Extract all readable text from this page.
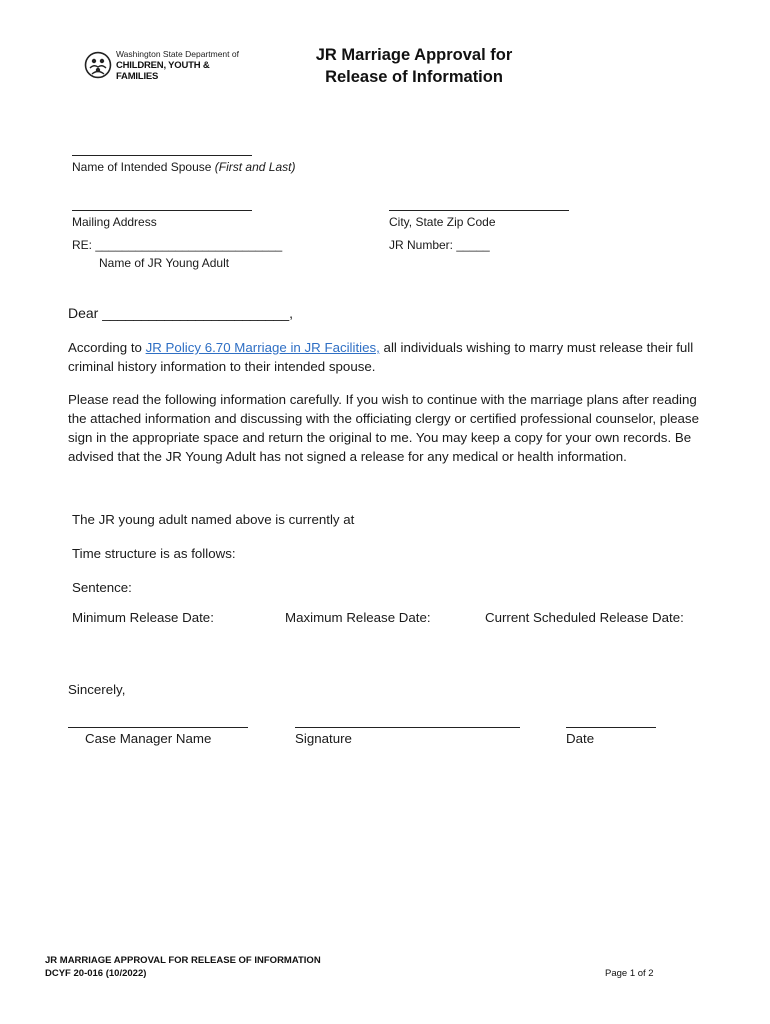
Washington State Department of
CHILDREN, YOUTH & FAMILIES
JR Marriage Approval for
Release of Information
Name of Intended Spouse (First and Last)
Mailing Address	City, State Zip Code
RE: ____________________________	JR Number: _____
Name of JR Young Adult
Dear ________________________,
According to JR Policy 6.70 Marriage in JR Facilities, all individuals wishing to marry must release their full criminal history information to their intended spouse.
Please read the following information carefully. If you wish to continue with the marriage plans after reading the attached information and discussing with the officiating clergy or certified professional counselor, please sign in the appropriate space and return the original to me. You may keep a copy for your own records. Be advised that the JR Young Adult has not signed a release for any medical or health information.
The JR young adult named above is currently at
Time structure is as follows:
Sentence:
Minimum Release Date:	Maximum Release Date:	Current Scheduled Release Date:
Sincerely,
Case Manager Name	Signature	Date
JR MARRIAGE APPROVAL FOR RELEASE OF INFORMATION
DCYF 20-016 (10/2022)	Page 1 of 2
